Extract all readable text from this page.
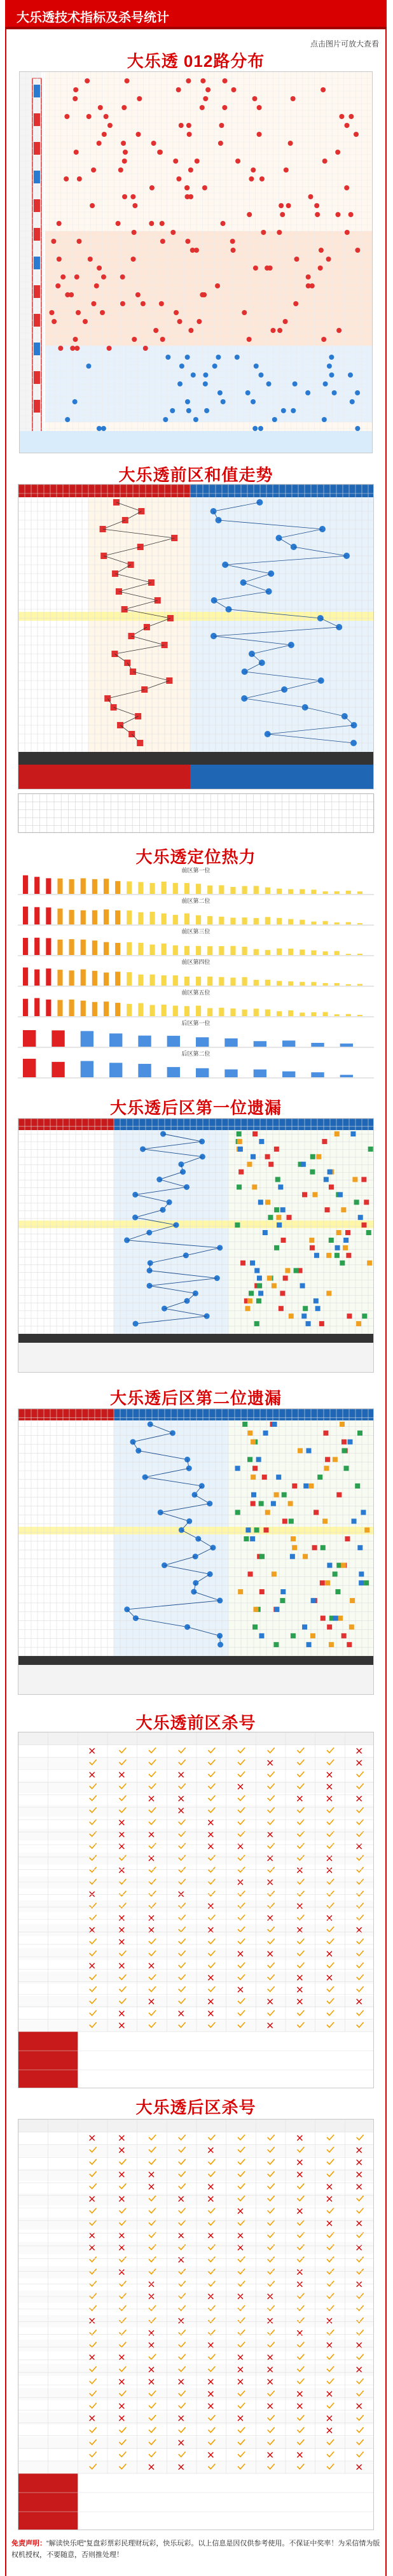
大乐透技术指标及杀号统计
点击图片可放大查看
大乐透 012路分布
大乐透前区和值走势
大乐透定位热力
前区第一位
前区第二位
前区第三位
前区第四位
前区第五位
后区第一位
后区第二位
大乐透后区第一位遗漏
大乐透后区第二位遗漏
大乐透前区杀号
大乐透后区杀号
免责声明：“解读快乐吧”复盘彩票彩民理财玩彩，快乐玩彩。以上信息是因仅供参考使用。不保证中奖率！为采信情为版权机授权，不要随意，否则推处理！
